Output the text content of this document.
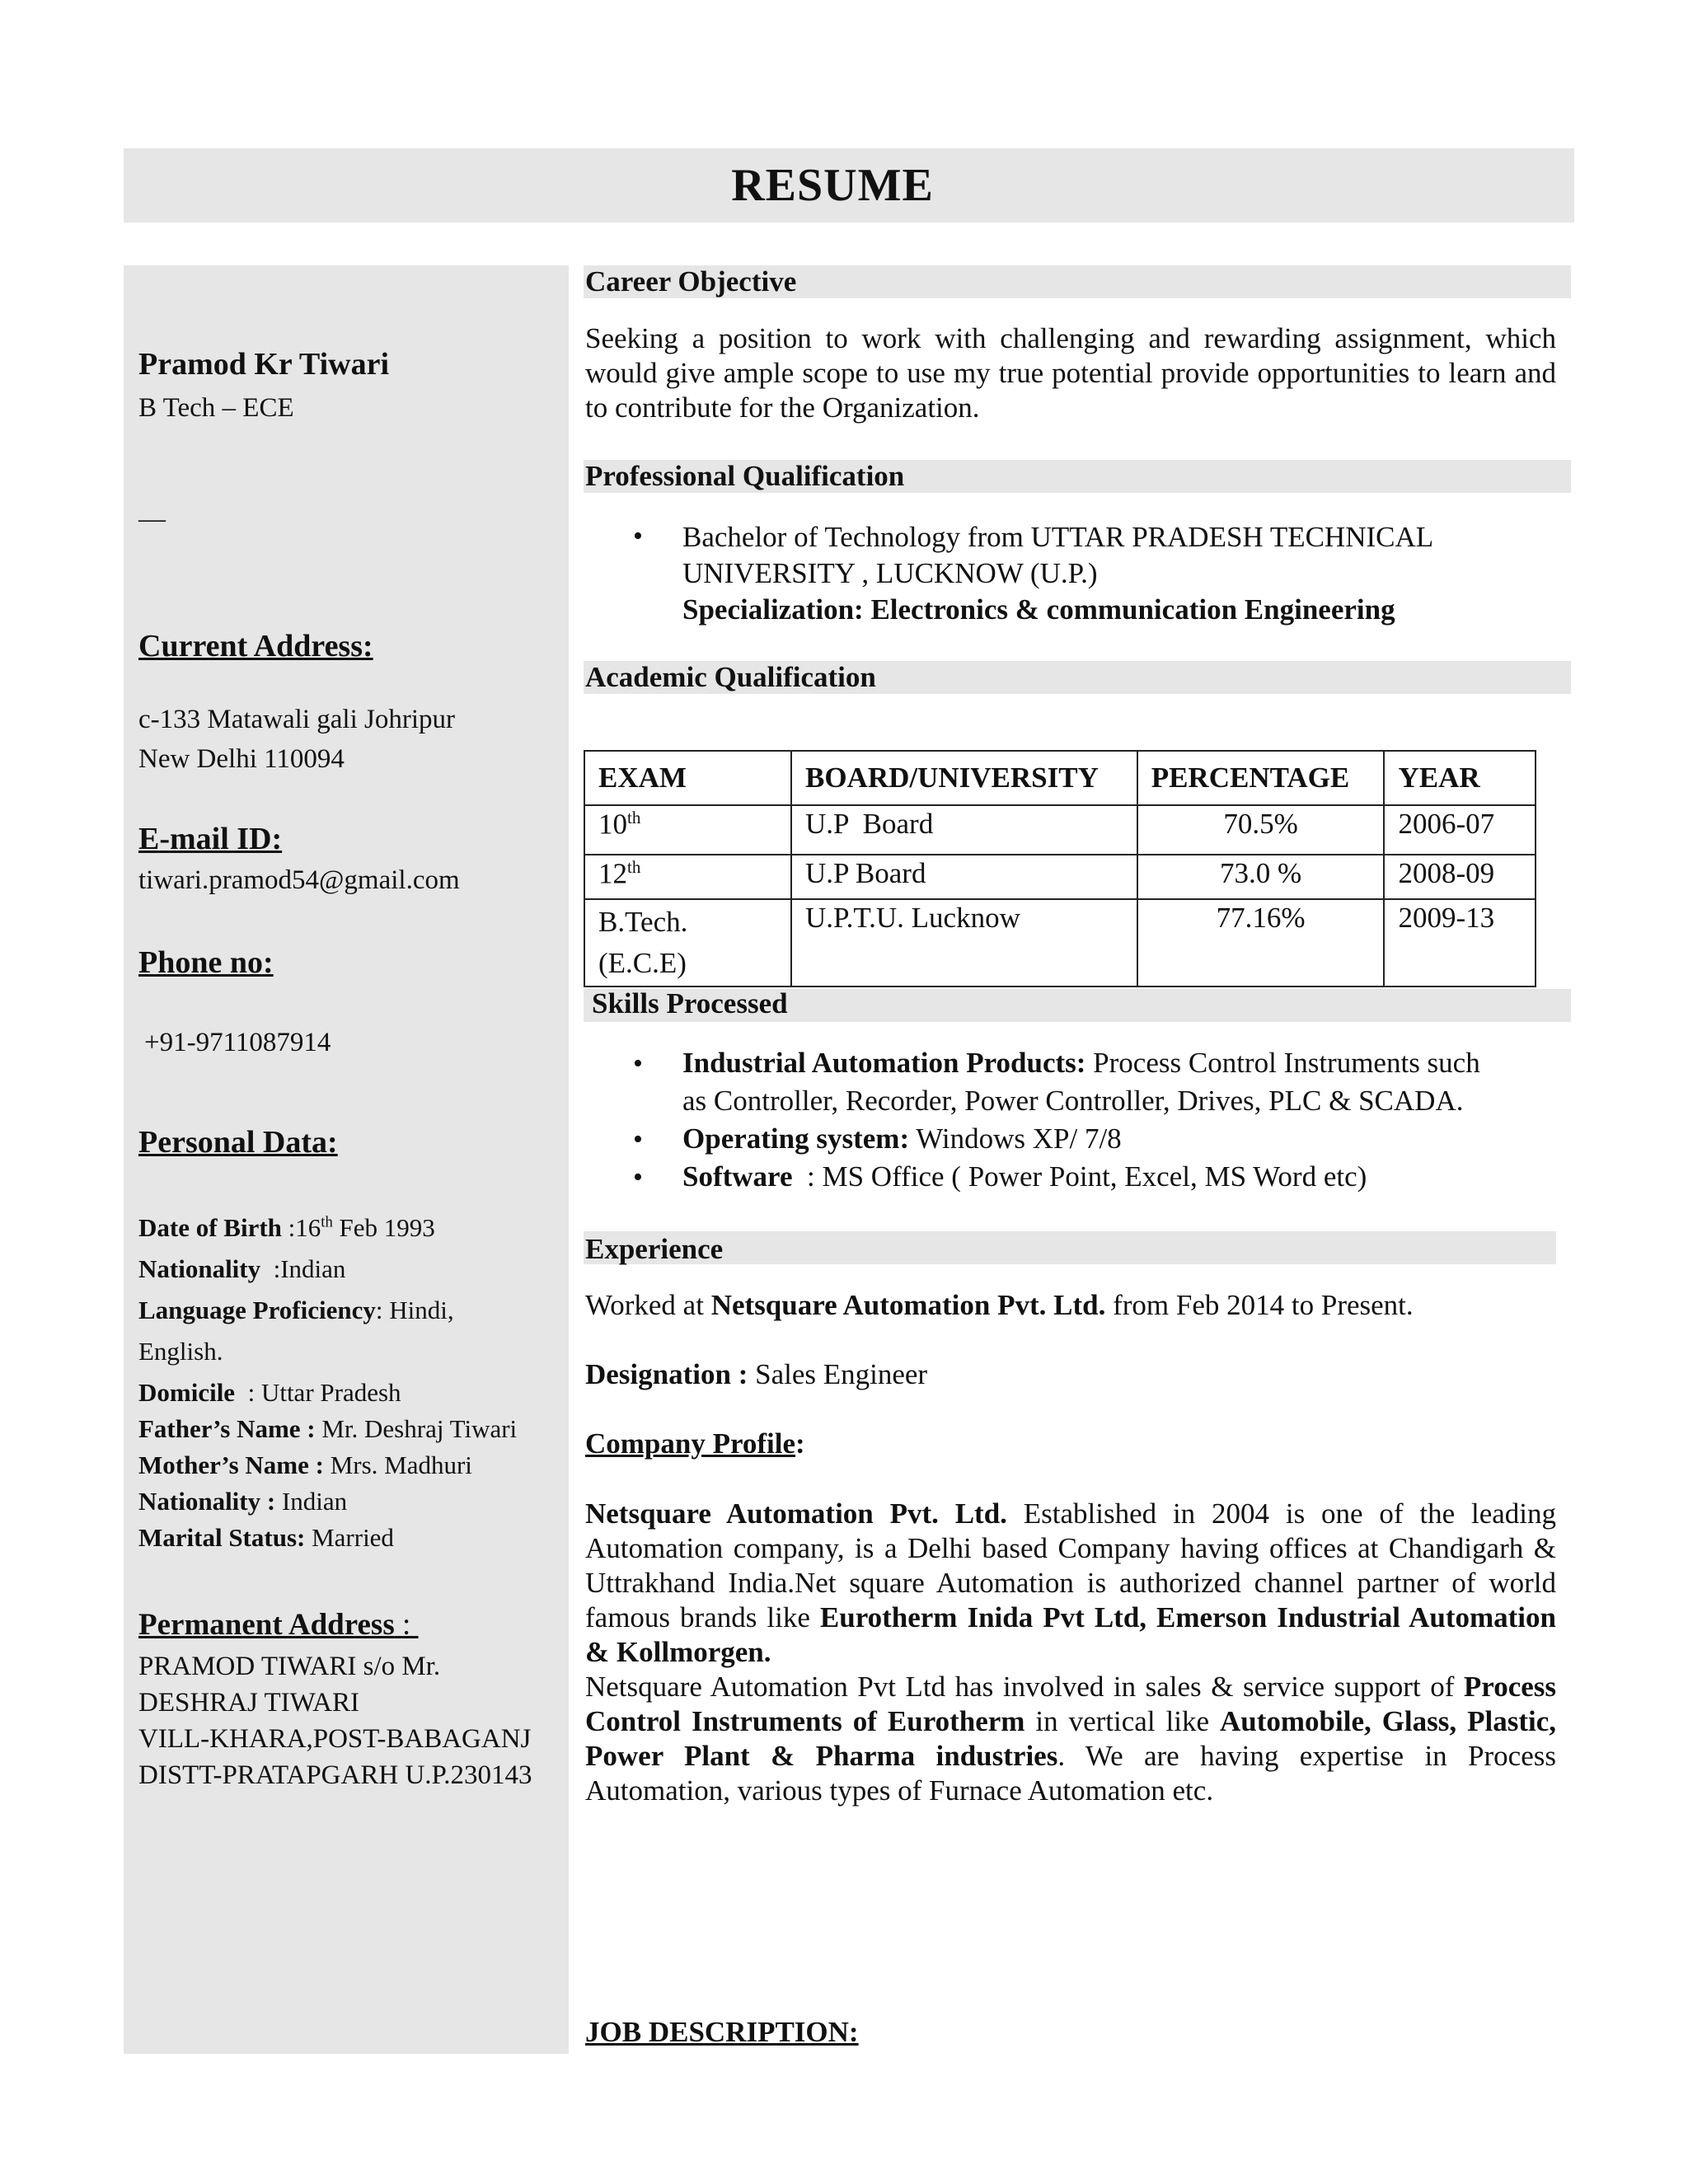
RESUME
Pramod Kr Tiwari
B Tech – ECE
—
Current Address:
c-133 Matawali gali Johripur
New Delhi 110094
E-mail ID:
tiwari.pramod54@gmail.com
Phone no:
+91-9711087914
Personal Data:
Date of Birth :16th Feb 1993
Nationality  :Indian
Language Proficiency: Hindi,
English.
Domicile  : Uttar Pradesh
Father’s Name : Mr. Deshraj Tiwari
Mother’s Name : Mrs. Madhuri
Nationality : Indian
Marital Status: Married
Permanent Address :
PRAMOD TIWARI s/o Mr.
DESHRAJ TIWARI
VILL-KHARA,POST-BABAGANJ
DISTT-PRATAPGARH U.P.230143
Career Objective
Seeking a position to work with challenging and rewarding assignment, which would give ample scope to use my true potential provide opportunities to learn and to contribute for the Organization.
Professional Qualification
• Bachelor of Technology from UTTAR PRADESH TECHNICAL
UNIVERSITY , LUCKNOW (U.P.)
Specialization: Electronics & communication Engineering
Academic Qualification
EXAM	BOARD/UNIVERSITY	PERCENTAGE	YEAR
10th	U.P  Board	70.5%	2006-07
12th	U.P Board	73.0 %	2008-09
B.Tech.
(E.C.E)	U.P.T.U. Lucknow	77.16%	2009-13
Skills Processed
• Industrial Automation Products: Process Control Instruments such
as Controller, Recorder, Power Controller, Drives, PLC & SCADA.
• Operating system: Windows XP/ 7/8
• Software  : MS Office ( Power Point, Excel, MS Word etc)
Experience
Worked at Netsquare Automation Pvt. Ltd. from Feb 2014 to Present.
Designation : Sales Engineer
Company Profile:
Netsquare Automation Pvt. Ltd. Established in 2004 is one of the leading Automation company, is a Delhi based Company having offices at Chandigarh & Uttrakhand India.Net square Automation is authorized channel partner of world famous brands like Eurotherm Inida Pvt Ltd, Emerson Industrial Automation & Kollmorgen.
Netsquare Automation Pvt Ltd has involved in sales & service support of Process Control Instruments of Eurotherm in vertical like Automobile, Glass, Plastic, Power Plant & Pharma industries. We are having expertise in Process Automation, various types of Furnace Automation etc.
JOB DESCRIPTION:
